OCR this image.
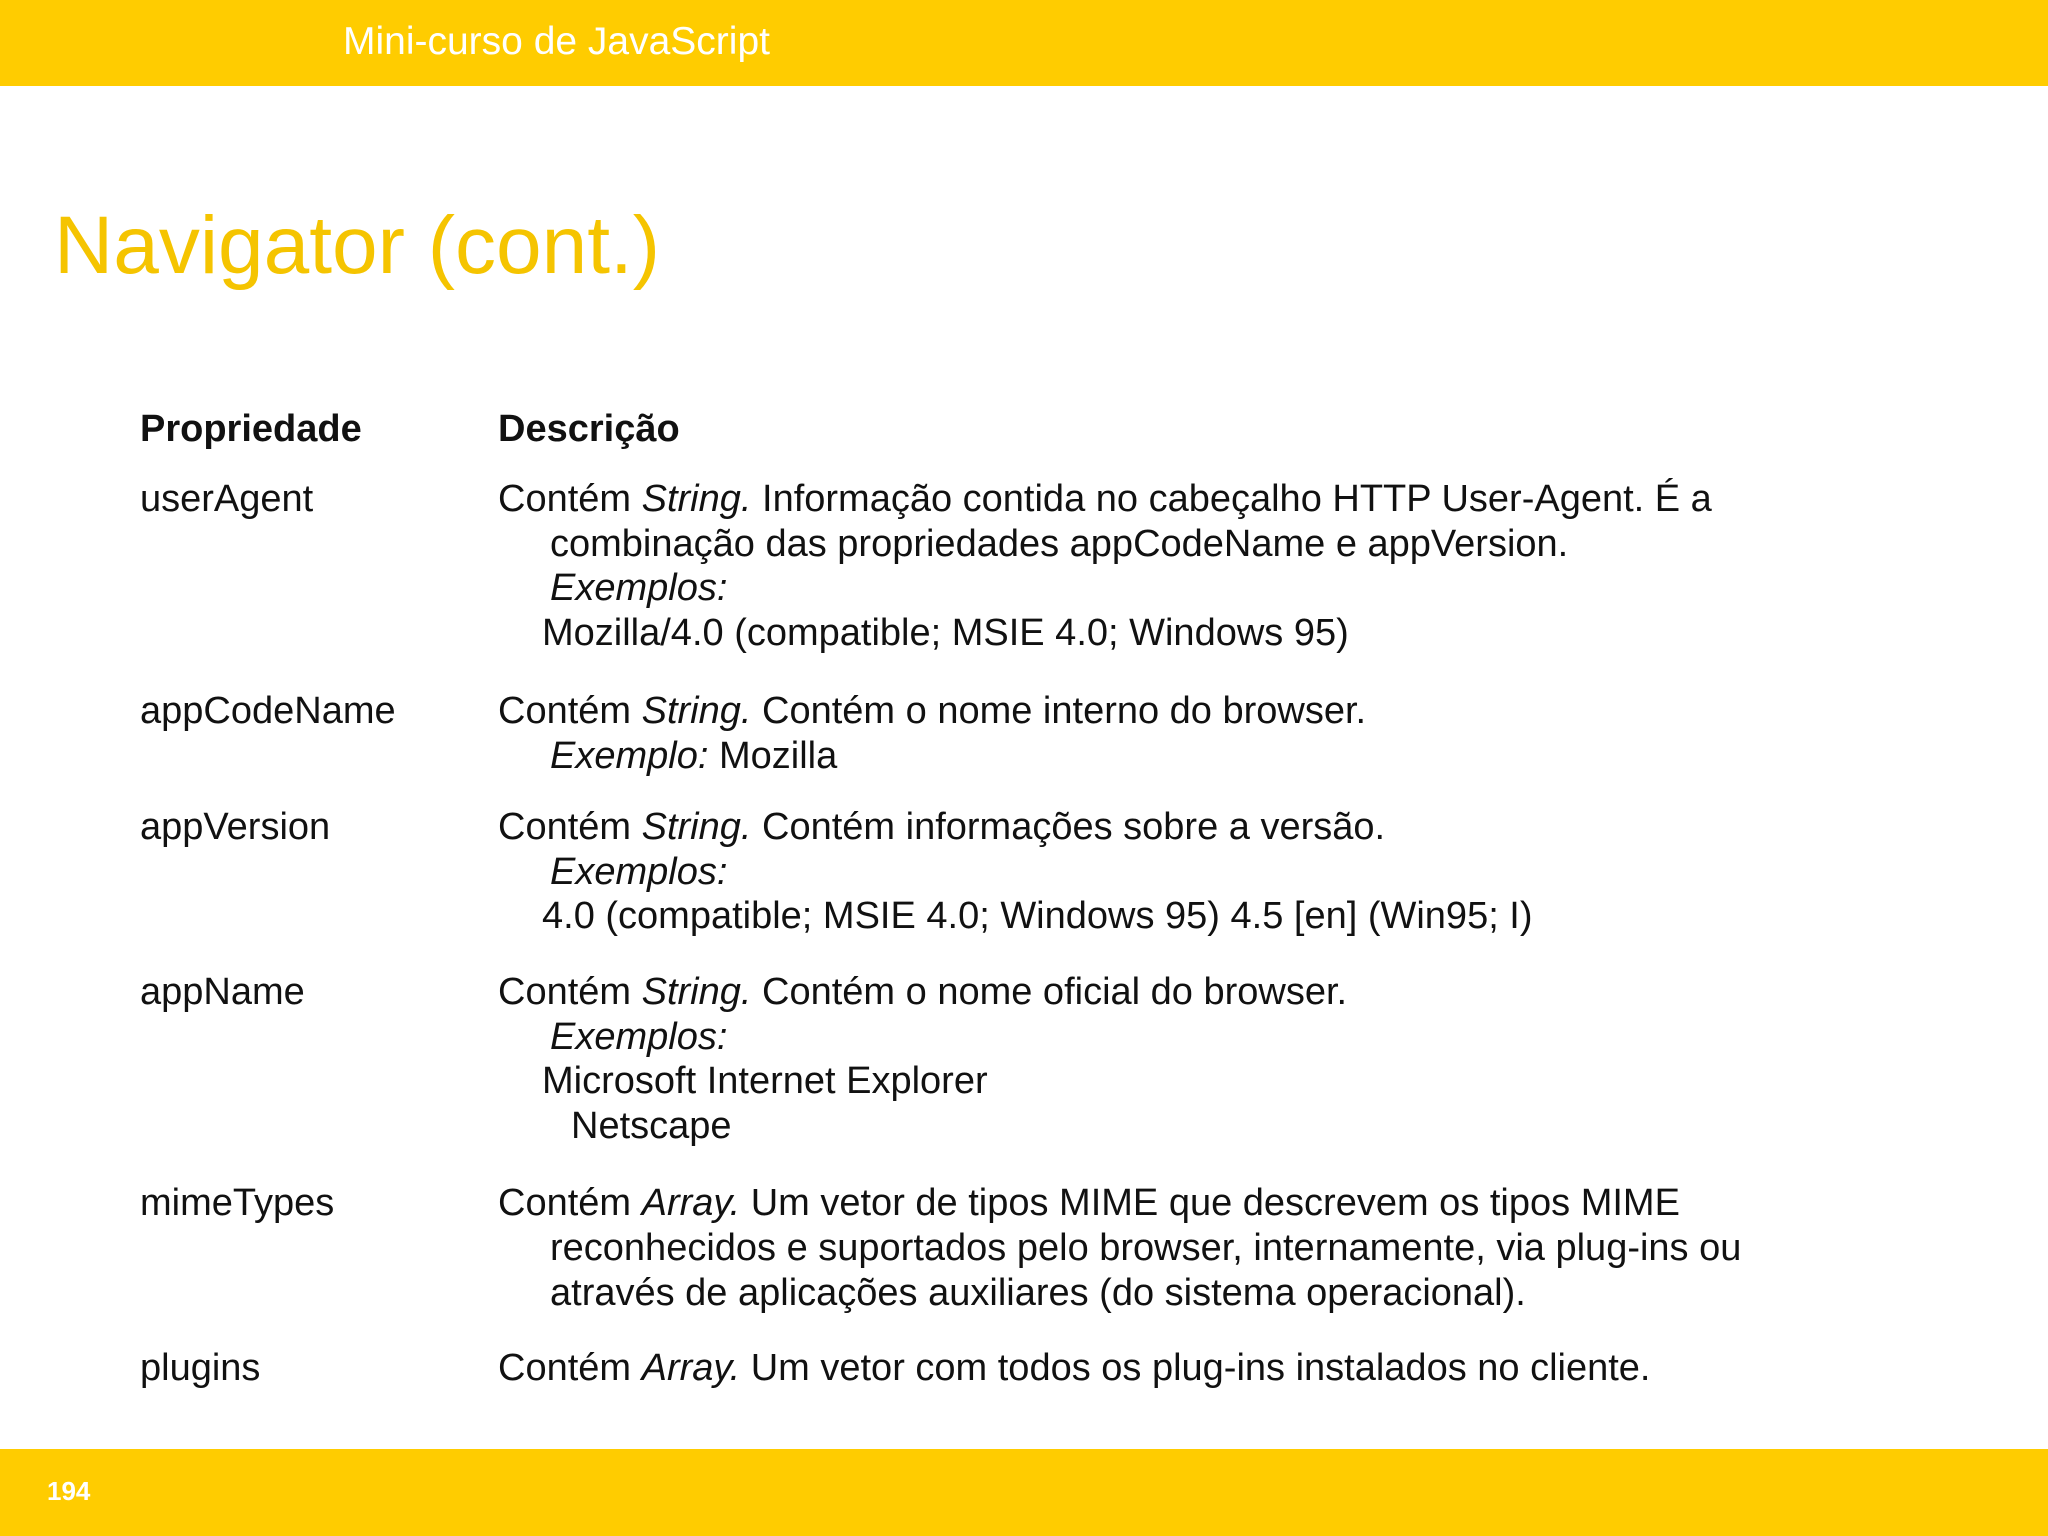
Mini-curso de JavaScript
Navigator (cont.)
Propriedade	Descrição
userAgent	Contém String. Informação contida no cabeçalho HTTP User-Agent. É a
combinação das propriedades appCodeName e appVersion.
Exemplos:
Mozilla/4.0 (compatible; MSIE 4.0; Windows 95)
appCodeName	Contém String. Contém o nome interno do browser.
Exemplo: Mozilla
appVersion	Contém String. Contém informações sobre a versão.
Exemplos:
4.0 (compatible; MSIE 4.0; Windows 95) 4.5 [en] (Win95; I)
appName	Contém String. Contém o nome oficial do browser.
Exemplos:
Microsoft Internet Explorer
Netscape
mimeTypes	Contém Array. Um vetor de tipos MIME que descrevem os tipos MIME
reconhecidos e suportados pelo browser, internamente, via plug-ins ou
através de aplicações auxiliares (do sistema operacional).
plugins	Contém Array. Um vetor com todos os plug-ins instalados no cliente.
194
